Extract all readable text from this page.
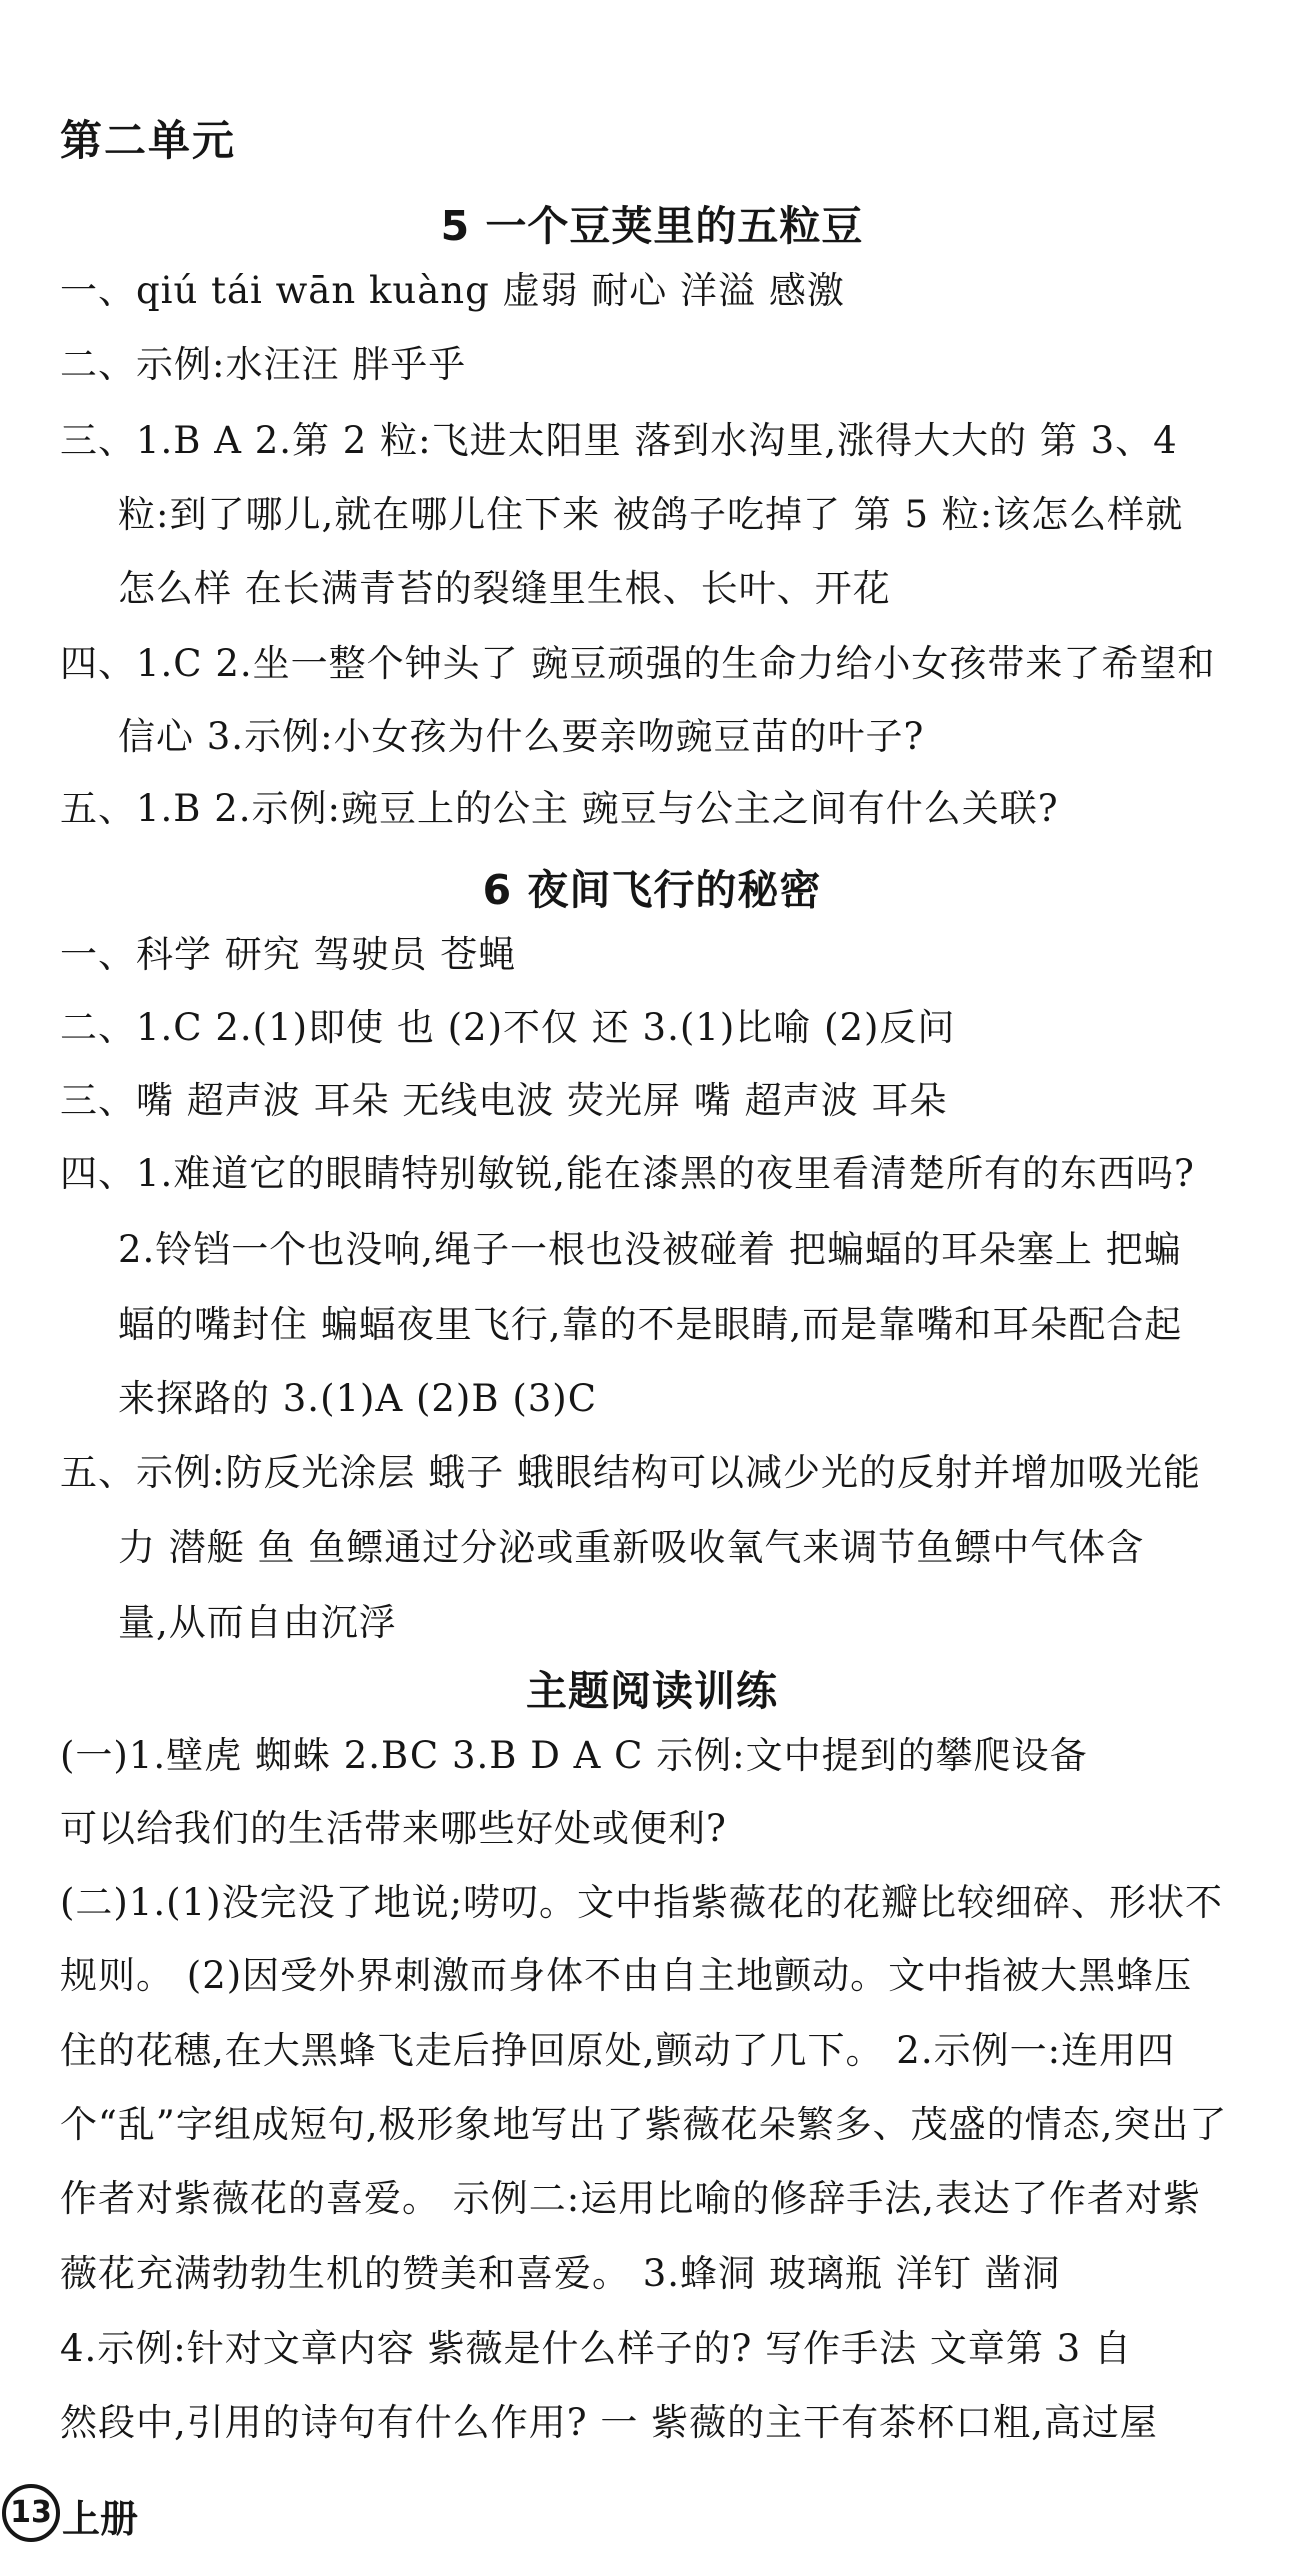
第二单元
5 一个豆荚里的五粒豆
一、qiú tái wān kuàng 虚弱 耐心 洋溢 感激
二、示例:水汪汪 胖乎乎
三、1.B A 2.第 2 粒:飞进太阳里 落到水沟里,涨得大大的 第 3、4
粒:到了哪儿,就在哪儿住下来 被鸽子吃掉了 第 5 粒:该怎么样就
怎么样 在长满青苔的裂缝里生根、长叶、开花
四、1.C 2.坐一整个钟头了 豌豆顽强的生命力给小女孩带来了希望和
信心 3.示例:小女孩为什么要亲吻豌豆苗的叶子?
五、1.B 2.示例:豌豆上的公主 豌豆与公主之间有什么关联?
6 夜间飞行的秘密
一、科学 研究 驾驶员 苍蝇
二、1.C 2.(1)即使 也 (2)不仅 还 3.(1)比喻 (2)反问
三、嘴 超声波 耳朵 无线电波 荧光屏 嘴 超声波 耳朵
四、1.难道它的眼睛特别敏锐,能在漆黑的夜里看清楚所有的东西吗?
2.铃铛一个也没响,绳子一根也没被碰着 把蝙蝠的耳朵塞上 把蝙
蝠的嘴封住 蝙蝠夜里飞行,靠的不是眼睛,而是靠嘴和耳朵配合起
来探路的 3.(1)A (2)B (3)C
五、示例:防反光涂层 蛾子 蛾眼结构可以减少光的反射并增加吸光能
力 潜艇 鱼 鱼鳔通过分泌或重新吸收氧气来调节鱼鳔中气体含
量,从而自由沉浮
主题阅读训练
(一)1.壁虎 蜘蛛 2.BC 3.B D A C 示例:文中提到的攀爬设备
可以给我们的生活带来哪些好处或便利?
(二)1.(1)没完没了地说;唠叨。文中指紫薇花的花瓣比较细碎、形状不
规则。 (2)因受外界刺激而身体不由自主地颤动。文中指被大黑蜂压
住的花穗,在大黑蜂飞走后挣回原处,颤动了几下。 2.示例一:连用四
个“乱”字组成短句,极形象地写出了紫薇花朵繁多、茂盛的情态,突出了
作者对紫薇花的喜爱。 示例二:运用比喻的修辞手法,表达了作者对紫
薇花充满勃勃生机的赞美和喜爱。 3.蜂洞 玻璃瓶 洋钉 凿洞
4.示例:针对文章内容 紫薇是什么样子的? 写作手法 文章第 3 自
然段中,引用的诗句有什么作用? 一 紫薇的主干有茶杯口粗,高过屋
13 上册
